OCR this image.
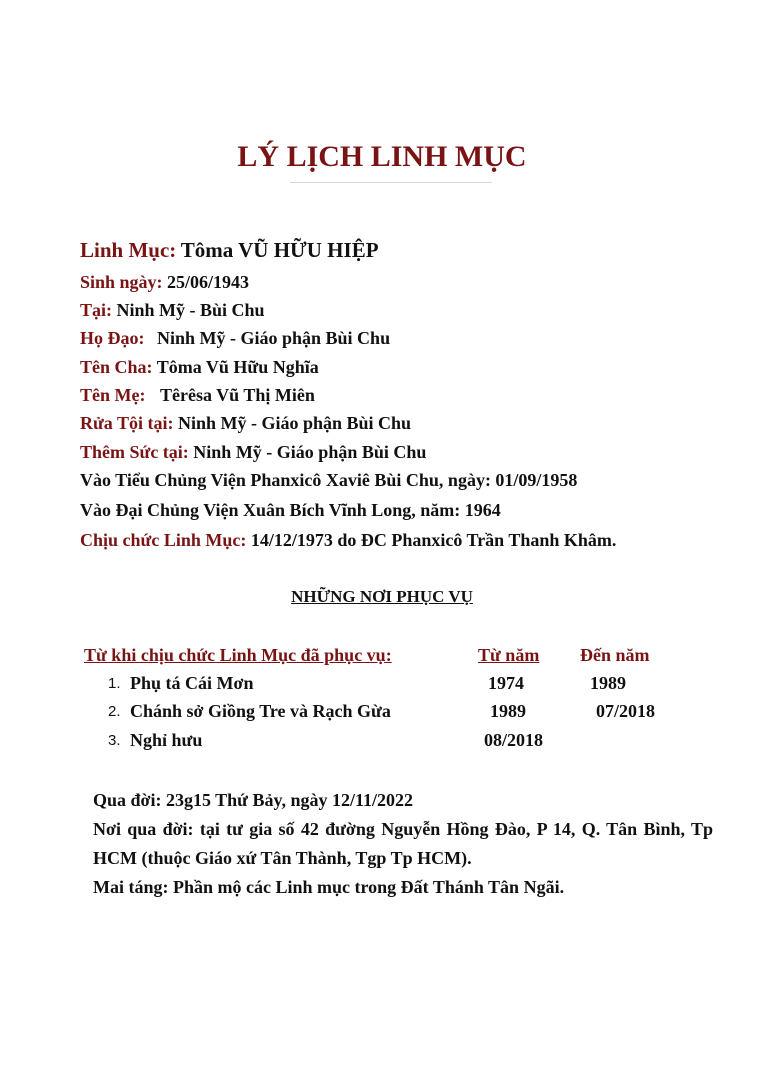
LÝ LỊCH LINH MỤC
Linh Mục: Tôma VŨ HỮU HIỆP
Sinh ngày: 25/06/1943
Tại: Ninh Mỹ - Bùi Chu
Họ Đạo: Ninh Mỹ - Giáo phận Bùi Chu
Tên Cha: Tôma Vũ Hữu Nghĩa
Tên Mẹ: Têrêsa Vũ Thị Miên
Rửa Tội tại: Ninh Mỹ - Giáo phận Bùi Chu
Thêm Sức tại: Ninh Mỹ - Giáo phận Bùi Chu
Vào Tiểu Chủng Viện Phanxicô Xaviê Bùi Chu, ngày: 01/09/1958
Vào Đại Chủng Viện Xuân Bích Vĩnh Long, năm: 1964
Chịu chức Linh Mục: 14/12/1973 do ĐC Phanxicô Trần Thanh Khâm.
NHỮNG NƠI PHỤC VỤ
Từ khi chịu chức Linh Mục đã phục vụ:	Từ năm Đến năm
1. Phụ tá Cái Mơn	1974	1989
2. Chánh sở Giồng Tre và Rạch Gừa	1989	07/2018
3. Nghỉ hưu	08/2018
Qua đời: 23g15 Thứ Bảy, ngày 12/11/2022
Nơi qua đời: tại tư gia số 42 đường Nguyễn Hồng Đào, P 14, Q. Tân Bình, Tp HCM (thuộc Giáo xứ Tân Thành, Tgp Tp HCM).
Mai táng: Phần mộ các Linh mục trong Đất Thánh Tân Ngãi.
